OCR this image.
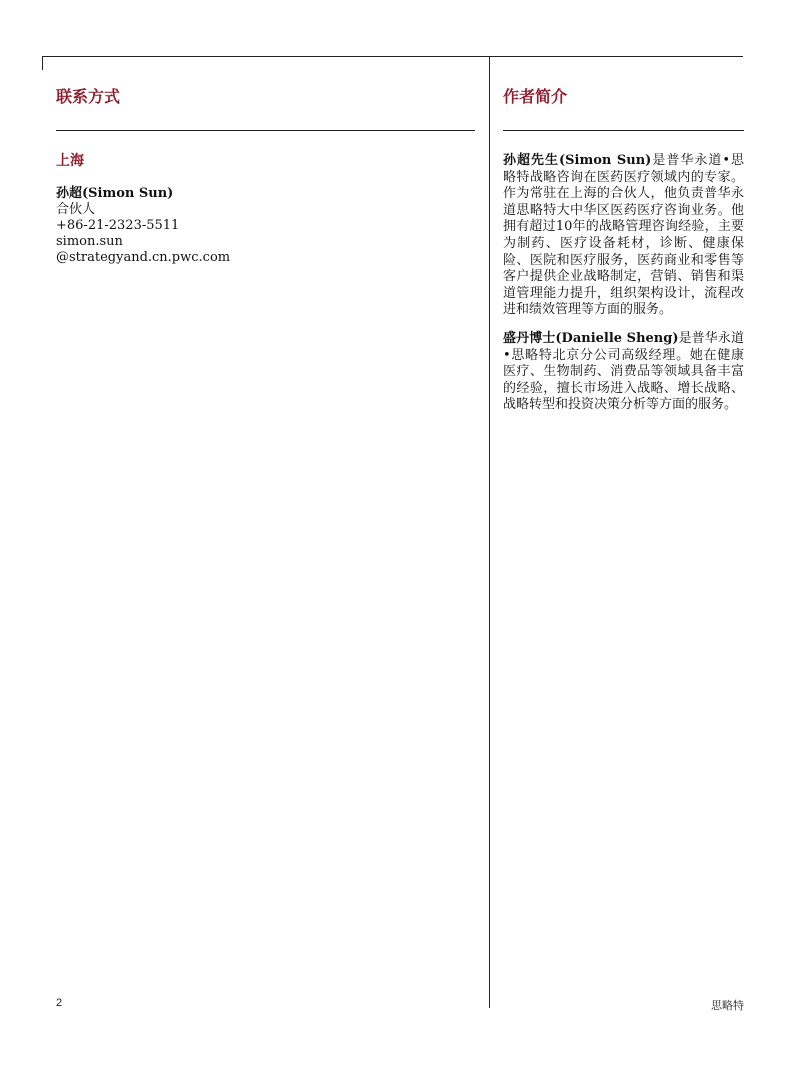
联系方式
上海
孙超(Simon Sun)
合伙人
+86-21-2323-5511
simon.sun
@strategyand.cn.pwc.com
作者简介

孙超先生(Simon Sun)是普华永道•思略特战略咨询在医药医疗领域内的专家。作为常驻在上海的合伙人，他负责普华永道思略特大中华区医药医疗咨询业务。他拥有超过10年的战略管理咨询经验，主要为制药、医疗设备耗材，诊断、健康保险、医院和医疗服务，医药商业和零售等客户提供企业战略制定，营销、销售和渠道管理能力提升，组织架构设计，流程改进和绩效管理等方面的服务。

盛丹博士(Danielle Sheng)是普华永道•思略特北京分公司高级经理。她在健康医疗、生物制药、消费品等领域具备丰富的经验，擅长市场进入战略、增长战略、战略转型和投资决策分析等方面的服务。

2	思略特
